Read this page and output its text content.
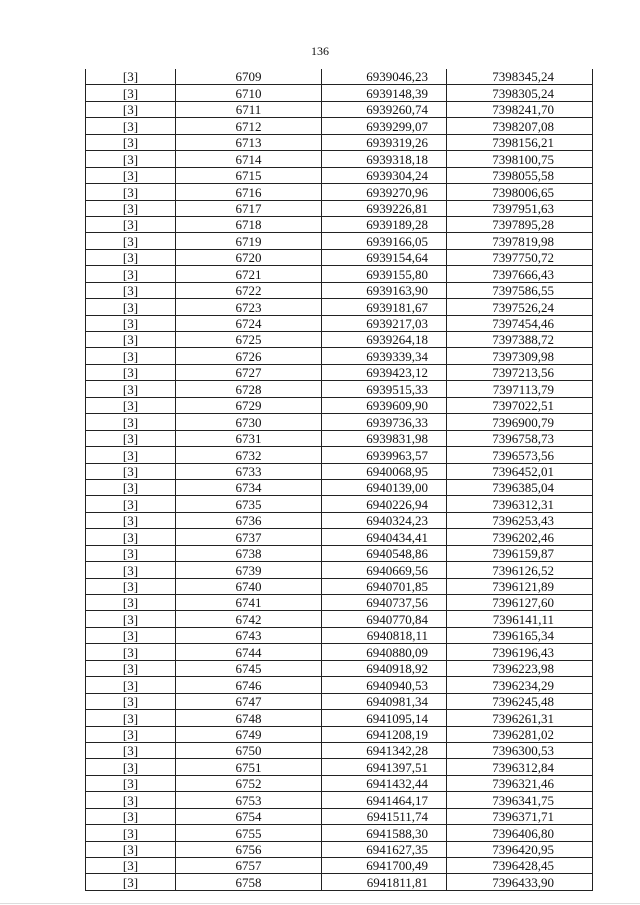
136
[3]	6709	6939046,23	7398345,24
[3]	6710	6939148,39	7398305,24
[3]	6711	6939260,74	7398241,70
[3]	6712	6939299,07	7398207,08
[3]	6713	6939319,26	7398156,21
[3]	6714	6939318,18	7398100,75
[3]	6715	6939304,24	7398055,58
[3]	6716	6939270,96	7398006,65
[3]	6717	6939226,81	7397951,63
[3]	6718	6939189,28	7397895,28
[3]	6719	6939166,05	7397819,98
[3]	6720	6939154,64	7397750,72
[3]	6721	6939155,80	7397666,43
[3]	6722	6939163,90	7397586,55
[3]	6723	6939181,67	7397526,24
[3]	6724	6939217,03	7397454,46
[3]	6725	6939264,18	7397388,72
[3]	6726	6939339,34	7397309,98
[3]	6727	6939423,12	7397213,56
[3]	6728	6939515,33	7397113,79
[3]	6729	6939609,90	7397022,51
[3]	6730	6939736,33	7396900,79
[3]	6731	6939831,98	7396758,73
[3]	6732	6939963,57	7396573,56
[3]	6733	6940068,95	7396452,01
[3]	6734	6940139,00	7396385,04
[3]	6735	6940226,94	7396312,31
[3]	6736	6940324,23	7396253,43
[3]	6737	6940434,41	7396202,46
[3]	6738	6940548,86	7396159,87
[3]	6739	6940669,56	7396126,52
[3]	6740	6940701,85	7396121,89
[3]	6741	6940737,56	7396127,60
[3]	6742	6940770,84	7396141,11
[3]	6743	6940818,11	7396165,34
[3]	6744	6940880,09	7396196,43
[3]	6745	6940918,92	7396223,98
[3]	6746	6940940,53	7396234,29
[3]	6747	6940981,34	7396245,48
[3]	6748	6941095,14	7396261,31
[3]	6749	6941208,19	7396281,02
[3]	6750	6941342,28	7396300,53
[3]	6751	6941397,51	7396312,84
[3]	6752	6941432,44	7396321,46
[3]	6753	6941464,17	7396341,75
[3]	6754	6941511,74	7396371,71
[3]	6755	6941588,30	7396406,80
[3]	6756	6941627,35	7396420,95
[3]	6757	6941700,49	7396428,45
[3]	6758	6941811,81	7396433,90
